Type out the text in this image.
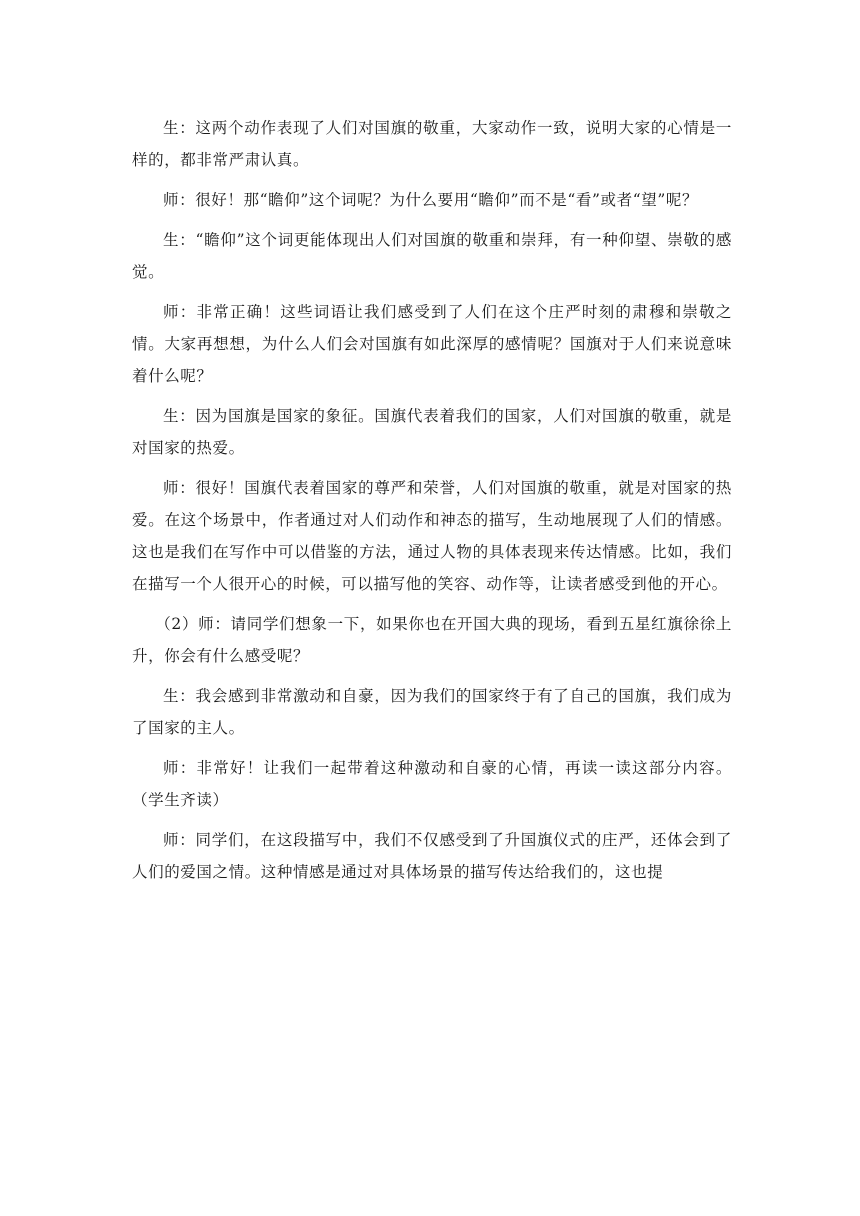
生：这两个动作表现了人们对国旗的敬重，大家动作一致，说明大家的心情是一样的，都非常严肃认真。

师：很好！那“瞻仰”这个词呢？为什么要用“瞻仰”而不是“看”或者“望”呢？

生：“瞻仰”这个词更能体现出人们对国旗的敬重和崇拜，有一种仰望、崇敬的感觉。

师：非常正确！这些词语让我们感受到了人们在这个庄严时刻的肃穆和崇敬之情。大家再想想，为什么人们会对国旗有如此深厚的感情呢？国旗对于人们来说意味着什么呢？

生：因为国旗是国家的象征。国旗代表着我们的国家，人们对国旗的敬重，就是对国家的热爱。

师：很好！国旗代表着国家的尊严和荣誉，人们对国旗的敬重，就是对国家的热爱。在这个场景中，作者通过对人们动作和神态的描写，生动地展现了人们的情感。这也是我们在写作中可以借鉴的方法，通过人物的具体表现来传达情感。比如，我们在描写一个人很开心的时候，可以描写他的笑容、动作等，让读者感受到他的开心。

（2）师：请同学们想象一下，如果你也在开国大典的现场，看到五星红旗徐徐上升，你会有什么感受呢？

生：我会感到非常激动和自豪，因为我们的国家终于有了自己的国旗，我们成为了国家的主人。

师：非常好！让我们一起带着这种激动和自豪的心情，再读一读这部分内容。（学生齐读）

师：同学们，在这段描写中，我们不仅感受到了升国旗仪式的庄严，还体会到了人们的爱国之情。这种情感是通过对具体场景的描写传达给我们的，这也提
